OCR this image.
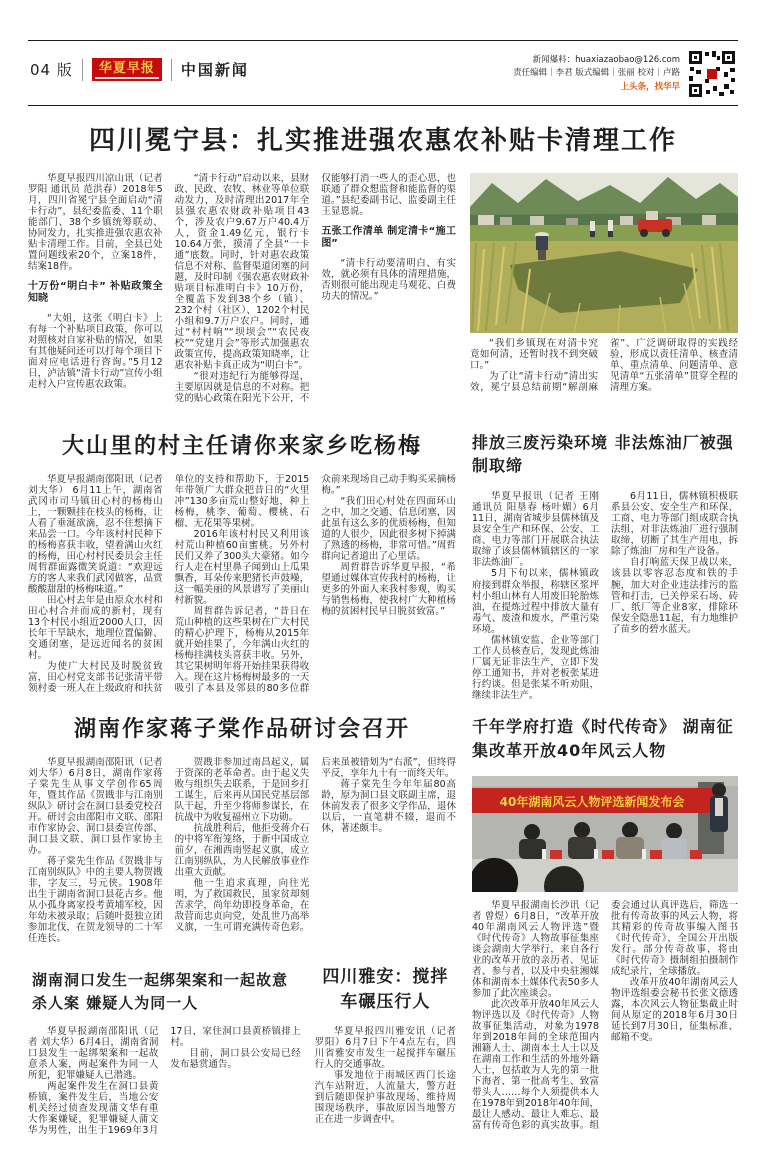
04 版	华夏早报	中国新闻
新闻爆料：huaxiazaobao@126.com
责任编辑｜李君 版式编辑｜张丽 校对｜卢路
上头条，找华早
四川冕宁县：扎实推进强农惠农补贴卡清理工作

华夏早报四川凉山讯（记者 罗阳 通讯员 范洪春）2018年5月，四川省冕宁县全面启动“清卡行动”，县纪委监委、11个职能部门、38个乡镇统筹联动、协同发力，扎实推进强农惠农补贴卡清理工作。目前，全县已处置问题线索20个，立案18件，结案18件。

十万份“明白卡” 补贴政策全知晓

“大姐，这张《明白卡》上有每一个补贴项目政策，你可以对照核对自家补贴的情况，如果有其他疑问还可以打每个项目下面对应电话进行咨询。”5月12日，泸沽镇“清卡行动”宣传小组走村入户宣传惠农政策。

“清卡行动”启动以来，县财政、民政、农牧、林业等单位联动发力，及时清理出2017年全县强农惠农财政补贴项目43个，涉及农户9.67万户40.4万人，资金1.49亿元，银行卡10.64万张，摸清了全县“一卡通”底数。同时，针对惠农政策信息不对称、监督渠道闭塞的问题，及时印制《强农惠农财政补贴项目标准明白卡》10万份，全覆盖下发到38个乡（镇）、232个村（社区）、1202个村民小组和9.7万户农户。同时，通过“村村响”“坝坝会”“农民夜校”“党建月会”等形式加强惠农政策宣传，提高政策知晓率，让惠农补贴卡真正成为“明白卡”。

“很对违纪行为能够得逞，主要原因就是信息的不对称。把党的贴心政策在阳光下公开，不仅能够打消一些人的歪心思，也联通了群众想监督和能监督的渠道。”县纪委副书记、监委副主任王显恩说。

五张工作清单 制定清卡“施工图”

“清卡行动要清明白、有实效，就必须有具体的清理措施，否则很可能出现走马观花、白费功夫的情况。”

“我们乡镇现在对清卡究竟如何清，还暂时找不到突破口。”

为了让“清卡行动”清出实效，冕宁县总结前期“解剖麻雀”、广泛调研取得的实践经验，形成以责任清单、核查清单、重点清单、问题清单、意见清单“五张清单”贯穿全程的清理方案。

大山里的村主任请你来家乡吃杨梅

华夏早报湖南邵阳讯（记者 刘大华） 6月11上午，湖南省武冈市司马镇田心村的杨梅山上，一颗颗挂在枝头的杨梅，让人看了垂涎欲滴，忍不住想摘下来品尝一口。今年该村村民种下的杨梅喜获丰收，望着满山火红的杨梅，田心村村民委员会主任周哲群面露微笑说道：“欢迎远方的客人来我们武冈做客，品赏酸酸甜甜的杨梅味道。”

田心村去年是由原众水村和田心村合并而成的新村，现有13个村民小组近2000人口，因长年干旱缺水，地理位置偏僻、交通闭塞，是远近闻名的贫困村。

为使广大村民及时脱贫致富，田心村党支部书记张清平带领村委一班人在上级政府和扶贫单位的支持和帮助下，于2015年带领广大群众把昔日的“火里冲”130多亩荒山整好地，种上杨梅，桃李、葡萄、樱桃、石榴、无花果等果树。

2016年该村村民又利用该村荒山种植60亩蜜桃。另外村民们又养了300头大豪猪。如今行人走在村里鼻子闻到山上瓜果飘香，耳朵传来肥猪长声鼓噪，这一幅美丽的风景谱写了美丽山村新貌。

周哲群告诉记者，“昔日在荒山种植的这些果树在广大村民的精心护理下，杨梅从2015年就开始挂果了，今年满山火红的杨梅挂满枝头喜获丰收。另外，其它果树明年将开始挂果获得收入。现在这片杨梅树最多的一天吸引了本县及邻县的80多位群众前来现场自己动手购买采摘杨梅。”

“我们田心村处在四面环山之中，加之交通、信息闭塞，因此虽有这么多的优质杨梅，但知道的人很少，因此很多树下掉满了熟透的杨梅，非常可惜。”周哲群向记者道出了心里话。

周哲群告诉华夏早报，“希望通过媒体宣传我村的杨梅，让更多的外面人来我村参观，购买与销售杨梅，使我村广大种植杨梅的贫困村民早日脱贫致富。”

湖南作家蒋子棠作品研讨会召开

华夏早报湖南邵阳讯（记者 刘大华）6月8日，湖南作家蒋子棠先生从事文学创作65周年，暨其作品《贺戡非与江南别纵队》研讨会在洞口县委党校召开。研讨会由邵阳市文联、邵阳市作家协会、洞口县委宣传部、洞口县文联、洞口县作家协主办。

蒋子棠先生作品《贺戡非与江南别纵队》中的主要人物贺戡非，字友三，号元侠。1908年出生于湖南省洞口县花古乡。他从小孤身离家投考黄埔军校，因年幼未被录取；后随叶挺独立团参加北伐，在贺龙领导的二十军任连长。

贺戡非参加过南昌起义，属于资深的老革命者。由于起义失败与组织失去联系，于是回乡打工谋生，后来再从国民党基层部队干起，升至少将师参谋长，在抗战中为收复福州立下功勋。

抗战胜利后，他拒受蒋介石的中将军衔笼络，于新中国成立前夕，在湘西南竖起义旗，成立江南别纵队，为人民解放事业作出重大贡献。

他一生追求真理，向往光明，为了救国救民，虽家贫却刻苦求学，尚年幼即投身革命，在敌营而忠贞向党，处乱世乃高举义旗，一生可谓充满传奇色彩。后来虽被错划为“右派”，但终得平反，享年九十有一而终天年。

蒋子棠先生今年年届80高龄，原为洞口县文联副主席，退休前发表了很多文学作品，退休以后，一直笔耕不辍，退而不休，著述颇丰。

湖南洞口发生一起绑架案和一起故意杀人案 嫌疑人为同一人

华夏早报湖南邵阳讯（记者 刘大华）6月4日，湖南省洞口县发生一起绑架案和一起故意杀人案，两起案件为同一人所犯，犯罪嫌疑人已潜逃。

两起案件发生在洞口县黄桥镇，案件发生后，当地公安机关经过侦查发现蒲文华有重大作案嫌疑，犯罪嫌疑人蒲文华为男性，出生于1969年3月17日，家住洞口县黄桥镇排上村。

目前，洞口县公安局已经发布悬赏通告。

四川雅安：搅拌车碾压行人

华夏早报四川雅安讯（记者 罗阳）6月7日下午4点左右，四川省雅安市发生一起搅拌车碾压行人的交通事故。

事发地位于雨城区西门长途汽车站附近，人流量大，警方赶到后随即保护事故现场、维持周围现场秩序，事故原因当地警方正在进一步调查中。

排放三废污染环境 非法炼油厂被强制取缔

华夏早报讯（记者 王刚 通讯员 阳垦春 杨叶媚）6月11日，湖南省城步县儒林镇及县安全生产和环保、公安、工商、电力等部门开展联合执法取缔了该县儒林镇辖区的一家非法炼油厂。

5月下旬以来，儒林镇政府接到群众举报，称辖区浆坪村小组山林有人用废旧轮胎炼油，在提炼过程中排放大量有毒气、废渣和废水，严重污染环境。

儒林镇安监、企业等部门工作人员核查后，发现此炼油厂属无证非法生产，立即下发停工通知书，并对老板张某进行约谈。但是张某不听劝阻，继续非法生产。

6月11日，儒林镇积极联系县公安、安全生产和环保、工商、电力等部门组成联合执法组，对非法炼油厂进行强制取缔，切断了其生产用电，拆除了炼油厂房和生产设备。

自打响蓝天保卫战以来，该县以零容忍态度和铁的手腕，加大对企业违法排污的监管和打击，已关停采石场、砖厂、纸厂等企业8家，排除环保安全隐患11起，有力地维护了苗乡的碧水蓝天。

千年学府打造《时代传奇》 湖南征集改革开放40年风云人物
40年湖南风云人物评选新闻发布会

华夏早报湖南长沙讯（记者 曾煜）6月8日，“改革开放40年湖南风云人物评选”暨《时代传奇》人物故事征集座谈会湖南大学举行，来自各行业的改革开放的亲历者、见证者、参与者，以及中央驻湘媒体和湖南本土媒体代表50多人参加了此次座谈会。

此次改革开放40年风云人物评选以及《时代传奇》人物故事征集活动，对象为1978年到2018年间的全球范围内湘籍人士、湖南本土人士以及在湖南工作和生活的外地外籍人士，包括敢为人先的第一批下海者、第一批高考生、致富带头人……每个人须提供本人在1978年到2018年40年间，最让人感动、最让人难忘、最富有传奇色彩的真实故事。组委会通过认真评选后，筛选一批有传奇故事的风云人物，将其精彩的传奇故事编入图书《时代传奇》，全国公开出版发行。部分传奇故事，将由《时代传奇》摄制组拍摄制作成纪录片，全球播放。

改革开放40年湖南风云人物评选组委会秘书长张文德透露，本次风云人物征集截止时间从原定的2018年6月30日延长到7月30日，征集标准、邮箱不变。
